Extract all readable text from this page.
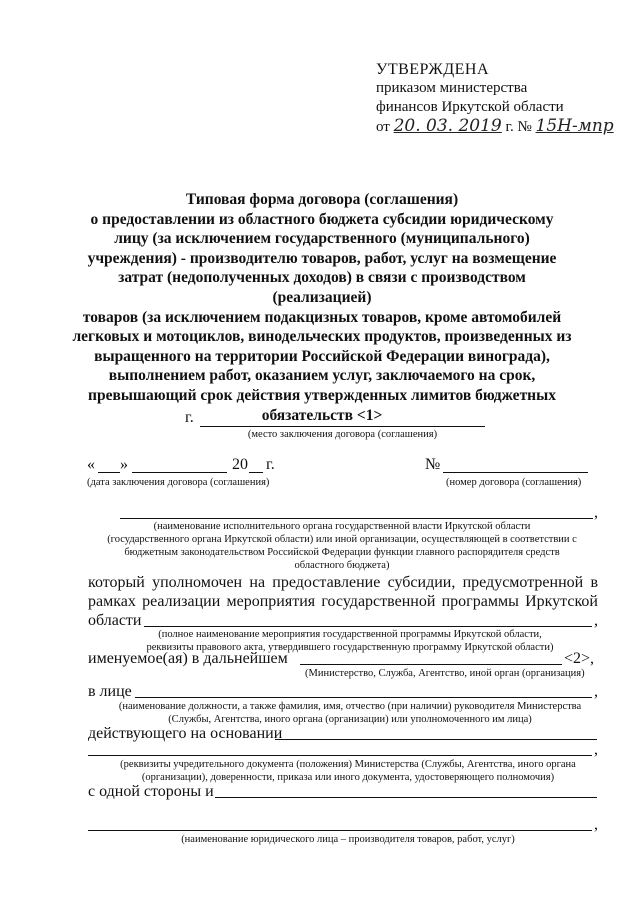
УТВЕРЖДЕНА
приказом министерства
финансов Иркутской области
от 20. 03. 2019 г. № 15Н-мпр
Типовая форма договора (соглашения)
о предоставлении из областного бюджета субсидии юридическому
лицу (за исключением государственного (муниципального)
учреждения) - производителю товаров, работ, услуг на возмещение
затрат (недополученных доходов) в связи с производством (реализацией)
товаров (за исключением подакцизных товаров, кроме автомобилей
легковых и мотоциклов, винодельческих продуктов, произведенных из
выращенного на территории Российской Федерации винограда),
выполнением работ, оказанием услуг, заключаемого на срок,
превышающий срок действия утвержденных лимитов бюджетных
обязательств <1>
г.
(место заключения договора (соглашения)
« »	20 г.
(дата заключения договора (соглашения)
№
(номер договора (соглашения)
,
(наименование исполнительного органа государственной власти Иркутской области
(государственного органа Иркутской области) или иной организации, осуществляющей в соответствии с
бюджетным законодательством Российской Федерации функции главного распорядителя средств
областного бюджета)
который уполномочен на предоставление субсидии, предусмотренной в
рамках реализации мероприятия государственной программы Иркутской
области	,
(полное наименование мероприятия государственной программы Иркутской области,
реквизиты правового акта, утвердившего государственную программу Иркутской области)
именуемое(ая) в дальнейшем	<2>,
(Министерство, Служба, Агентство, иной орган (организация)
в лице	,
(наименование должности, а также фамилия, имя, отчество (при наличии) руководителя Министерства
(Службы, Агентства, иного органа (организации) или уполномоченного им лица)
действующего на основании
,
(реквизиты учредительного документа (положения) Министерства (Службы, Агентства, иного органа
(организации), доверенности, приказа или иного документа, удостоверяющего полномочия)
с одной стороны и
,
(наименование юридического лица – производителя товаров, работ, услуг)
